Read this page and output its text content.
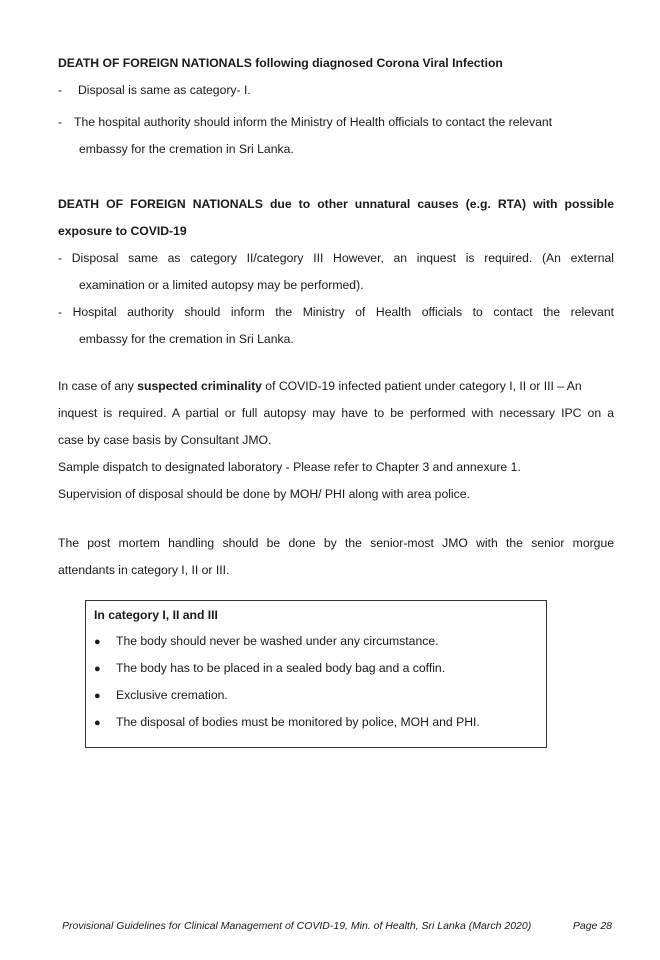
DEATH OF FOREIGN NATIONALS following diagnosed Corona Viral Infection
- Disposal is same as category- I.
- The hospital authority should inform the Ministry of Health officials to contact the relevant
embassy for the cremation in Sri Lanka.
DEATH OF FOREIGN NATIONALS due to other unnatural causes (e.g. RTA) with possible
exposure to COVID-19
- Disposal same as category II/category III However, an inquest is required. (An external
examination or a limited autopsy may be performed).
- Hospital authority should inform the Ministry of Health officials to contact the relevant
embassy for the cremation in Sri Lanka.
In case of any suspected criminality of COVID-19 infected patient under category I, II or III – An
inquest is required. A partial or full autopsy may have to be performed with necessary IPC on a
case by case basis by Consultant JMO.
Sample dispatch to designated laboratory - Please refer to Chapter 3 and annexure 1.
Supervision of disposal should be done by MOH/ PHI along with area police.
The post mortem handling should be done by the senior-most JMO with the senior morgue
attendants in category I, II or III.
In category I, II and III
● The body should never be washed under any circumstance.
● The body has to be placed in a sealed body bag and a coffin.
● Exclusive cremation.
● The disposal of bodies must be monitored by police, MOH and PHI.
Provisional Guidelines for Clinical Management of COVID-19, Min. of Health, Sri Lanka (March 2020)	Page 28
